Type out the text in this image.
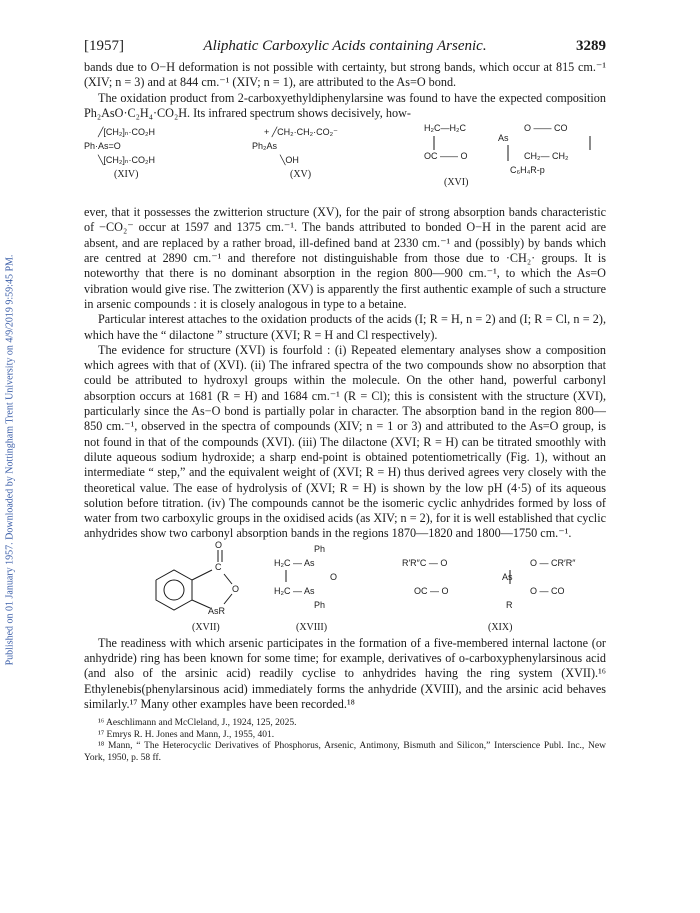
Published on 01 January 1957. Downloaded by Nottingham Trent University on 4/9/2019 9:59:45 PM.
[1957]	Aliphatic Carboxylic Acids containing Arsenic.	3289

bands due to O−H deformation is not possible with certainty, but strong bands, which occur at 815 cm.⁻¹ (XIV; n = 3) and at 844 cm.⁻¹ (XIV; n = 1), are attributed to the As=O bond.

The oxidation product from 2-carboxyethyldiphenylarsine was found to have the expected composition Ph₂AsO·C₂H₄·CO₂H. Its infrared spectrum shows decisively, how-

╱[CH₂]ₙ·CO₂H
Ph·As=O
╲[CH₂]ₙ·CO₂H
(XIV)
+ ╱CH₂·CH₂·CO₂⁻
Ph₂As
╲OH
(XV)
H₂C—H₂C	O —— CO
As
OC —— O	CH₂— CH₂
C₆H₄R-p
(XVI)

ever, that it possesses the zwitterion structure (XV), for the pair of strong absorption bands characteristic of −CO₂⁻ occur at 1597 and 1375 cm.⁻¹. The bands attributed to bonded O−H in the parent acid are absent, and are replaced by a rather broad, ill-defined band at 2330 cm.⁻¹ and (possibly) by bands which are centred at 2890 cm.⁻¹ and therefore not distinguishable from those due to ·CH₂· groups. It is noteworthy that there is no dominant absorption in the region 800—900 cm.⁻¹, to which the As=O vibration would give rise. The zwitterion (XV) is apparently the first authentic example of such a structure in arsenic compounds : it is closely analogous in type to a betaine.

Particular interest attaches to the oxidation products of the acids (I; R = H, n = 2) and (I; R = Cl, n = 2), which have the “ dilactone ” structure (XVI; R = H and Cl respectively).

The evidence for structure (XVI) is fourfold : (i) Repeated elementary analyses show a composition which agrees with that of (XVI). (ii) The infrared spectra of the two compounds show no absorption that could be attributed to hydroxyl groups within the molecule. On the other hand, powerful carbonyl absorption occurs at 1681 (R = H) and 1684 cm.⁻¹ (R = Cl); this is consistent with the structure (XVI), particularly since the As−O bond is partially polar in character. The absorption band in the region 800—850 cm.⁻¹, observed in the spectra of compounds (XIV; n = 1 or 3) and attributed to the As=O group, is not found in that of the compounds (XVI). (iii) The dilactone (XVI; R = H) can be titrated smoothly with dilute aqueous sodium hydroxide; a sharp end-point is obtained potentiometrically (Fig. 1), without an intermediate “ step,” and the equivalent weight of (XVI; R = H) thus derived agrees very closely with the theoretical value. The ease of hydrolysis of (XVI; R = H) is shown by the low pH (4·5) of its aqueous solution before titration. (iv) The compounds cannot be the isomeric cyclic anhydrides formed by loss of water from two carboxylic groups in the oxidised acids (as XIV; n = 2), for it is well established that cyclic anhydrides show two carbonyl absorption bands in the regions 1870—1820 and 1800—1750 cm.⁻¹.

O
C
O
AsR
(XVII)
Ph
H₂C — As
O
H₂C — As
Ph
(XVIII)
R′R″C — O	O — CR′R″
As
OC — O	O — CO
R
(XIX)

The readiness with which arsenic participates in the formation of a five-membered internal lactone (or anhydride) ring has been known for some time; for example, derivatives of o-carboxyphenylarsinous acid (and also of the arsinic acid) readily cyclise to anhydrides having the ring system (XVII).¹⁶ Ethylenebis(phenylarsinous acid) immediately forms the anhydride (XVIII), and the arsinic acid behaves similarly.¹⁷ Many other examples have been recorded.¹⁸

¹⁶ Aeschlimann and McCleland, J., 1924, 125, 2025.
¹⁷ Emrys R. H. Jones and Mann, J., 1955, 401.
¹⁸ Mann, “ The Heterocyclic Derivatives of Phosphorus, Arsenic, Antimony, Bismuth and Silicon,” Interscience Publ. Inc., New York, 1950, p. 58 ff.
